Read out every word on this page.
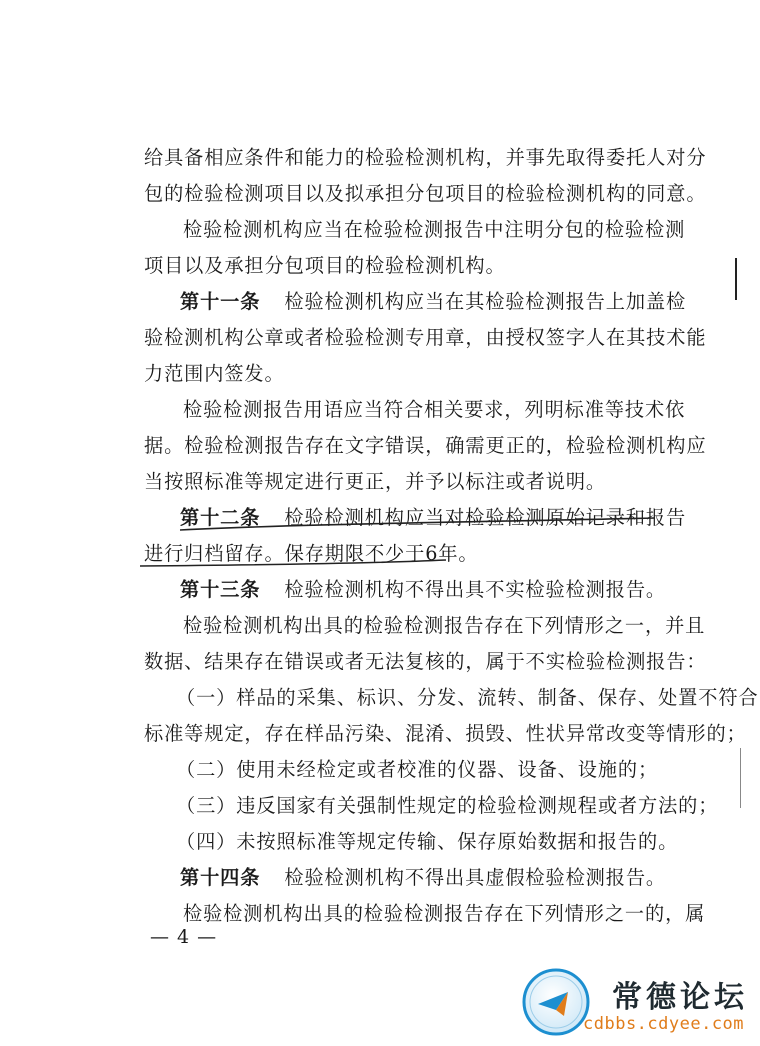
给具备相应条件和能力的检验检测机构，并事先取得委托人对分
包的检验检测项目以及拟承担分包项目的检验检测机构的同意。
检验检测机构应当在检验检测报告中注明分包的检验检测
项目以及承担分包项目的检验检测机构。
第十一条 检验检测机构应当在其检验检测报告上加盖检
验检测机构公章或者检验检测专用章，由授权签字人在其技术能
力范围内签发。
检验检测报告用语应当符合相关要求，列明标准等技术依
据。检验检测报告存在文字错误，确需更正的，检验检测机构应
当按照标准等规定进行更正，并予以标注或者说明。
第十二条 检验检测机构应当对检验检测原始记录和报告
进行归档留存。保存期限不少于6年。
第十三条 检验检测机构不得出具不实检验检测报告。
检验检测机构出具的检验检测报告存在下列情形之一，并且
数据、结果存在错误或者无法复核的，属于不实检验检测报告：
（一）样品的采集、标识、分发、流转、制备、保存、处置不符合
标准等规定，存在样品污染、混淆、损毁、性状异常改变等情形的；
（二）使用未经检定或者校准的仪器、设备、设施的；
（三）违反国家有关强制性规定的检验检测规程或者方法的；
（四）未按照标准等规定传输、保存原始数据和报告的。
第十四条 检验检测机构不得出具虚假检验检测报告。
检验检测机构出具的检验检测报告存在下列情形之一的，属
— 4 —
常德论坛
cdbbs.cdyee.com
